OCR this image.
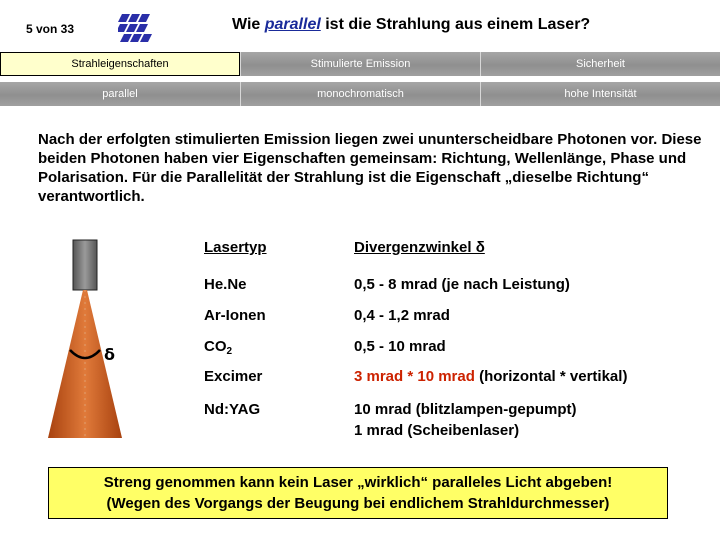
5 von 33	Wie parallel ist die Strahlung aus einem Laser?
Strahleigenschaften	Stimulierte Emission	Sicherheit
parallel	monochromatisch	hohe Intensität
Nach der erfolgten stimulierten Emission liegen zwei ununterscheidbare Photonen vor. Diese beiden Photonen haben vier Eigenschaften gemeinsam: Richtung, Wellenlänge, Phase und Polarisation. Für die Parallelität der Strahlung ist die Eigenschaft „dieselbe Richtung“ verantwortlich.
δ
Lasertyp	Divergenzwinkel δ
He.Ne	0,5 - 8 mrad (je nach Leistung)
Ar-Ionen	0,4 - 1,2 mrad
$CO_2$	0,5 - 10 mrad
Excimer	3 mrad * 10 mrad (horizontal * vertikal)
Nd:YAG	10 mrad (blitzlampen-gepumpt)
1 mrad (Scheibenlaser)
Streng genommen kann kein Laser „wirklich“ paralleles Licht abgeben!
(Wegen des Vorgangs der Beugung bei endlichem Strahldurchmesser)
